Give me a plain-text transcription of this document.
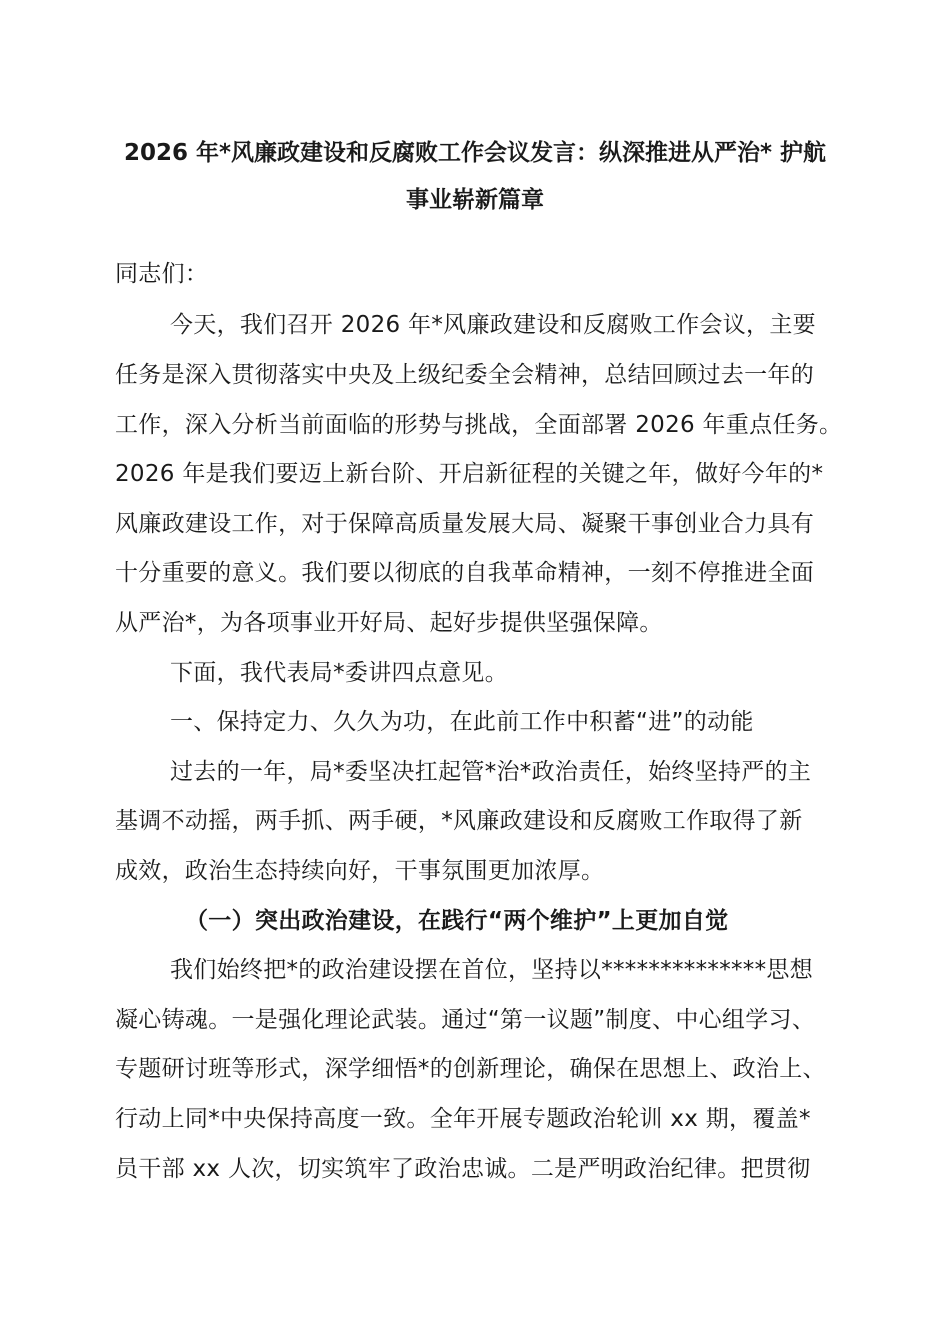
2026 年*风廉政建设和反腐败工作会议发言：纵深推进从严治* 护航
事业崭新篇章
同志们：
今天，我们召开 2026 年*风廉政建设和反腐败工作会议，主要
任务是深入贯彻落实中央及上级纪委全会精神，总结回顾过去一年的
工作，深入分析当前面临的形势与挑战，全面部署 2026 年重点任务。
2026 年是我们要迈上新台阶、开启新征程的关键之年，做好今年的*
风廉政建设工作，对于保障高质量发展大局、凝聚干事创业合力具有
十分重要的意义。我们要以彻底的自我革命精神，一刻不停推进全面
从严治*，为各项事业开好局、起好步提供坚强保障。
下面，我代表局*委讲四点意见。
一、保持定力、久久为功，在此前工作中积蓄“进”的动能
过去的一年，局*委坚决扛起管*治*政治责任，始终坚持严的主
基调不动摇，两手抓、两手硬，*风廉政建设和反腐败工作取得了新
成效，政治生态持续向好，干事氛围更加浓厚。
（一）突出政治建设，在践行“两个维护”上更加自觉
我们始终把*的政治建设摆在首位，坚持以**************思想
凝心铸魂。一是强化理论武装。通过“第一议题”制度、中心组学习、
专题研讨班等形式，深学细悟*的创新理论，确保在思想上、政治上、
行动上同*中央保持高度一致。全年开展专题政治轮训 xx 期，覆盖*
员干部 xx 人次，切实筑牢了政治忠诚。二是严明政治纪律。把贯彻
